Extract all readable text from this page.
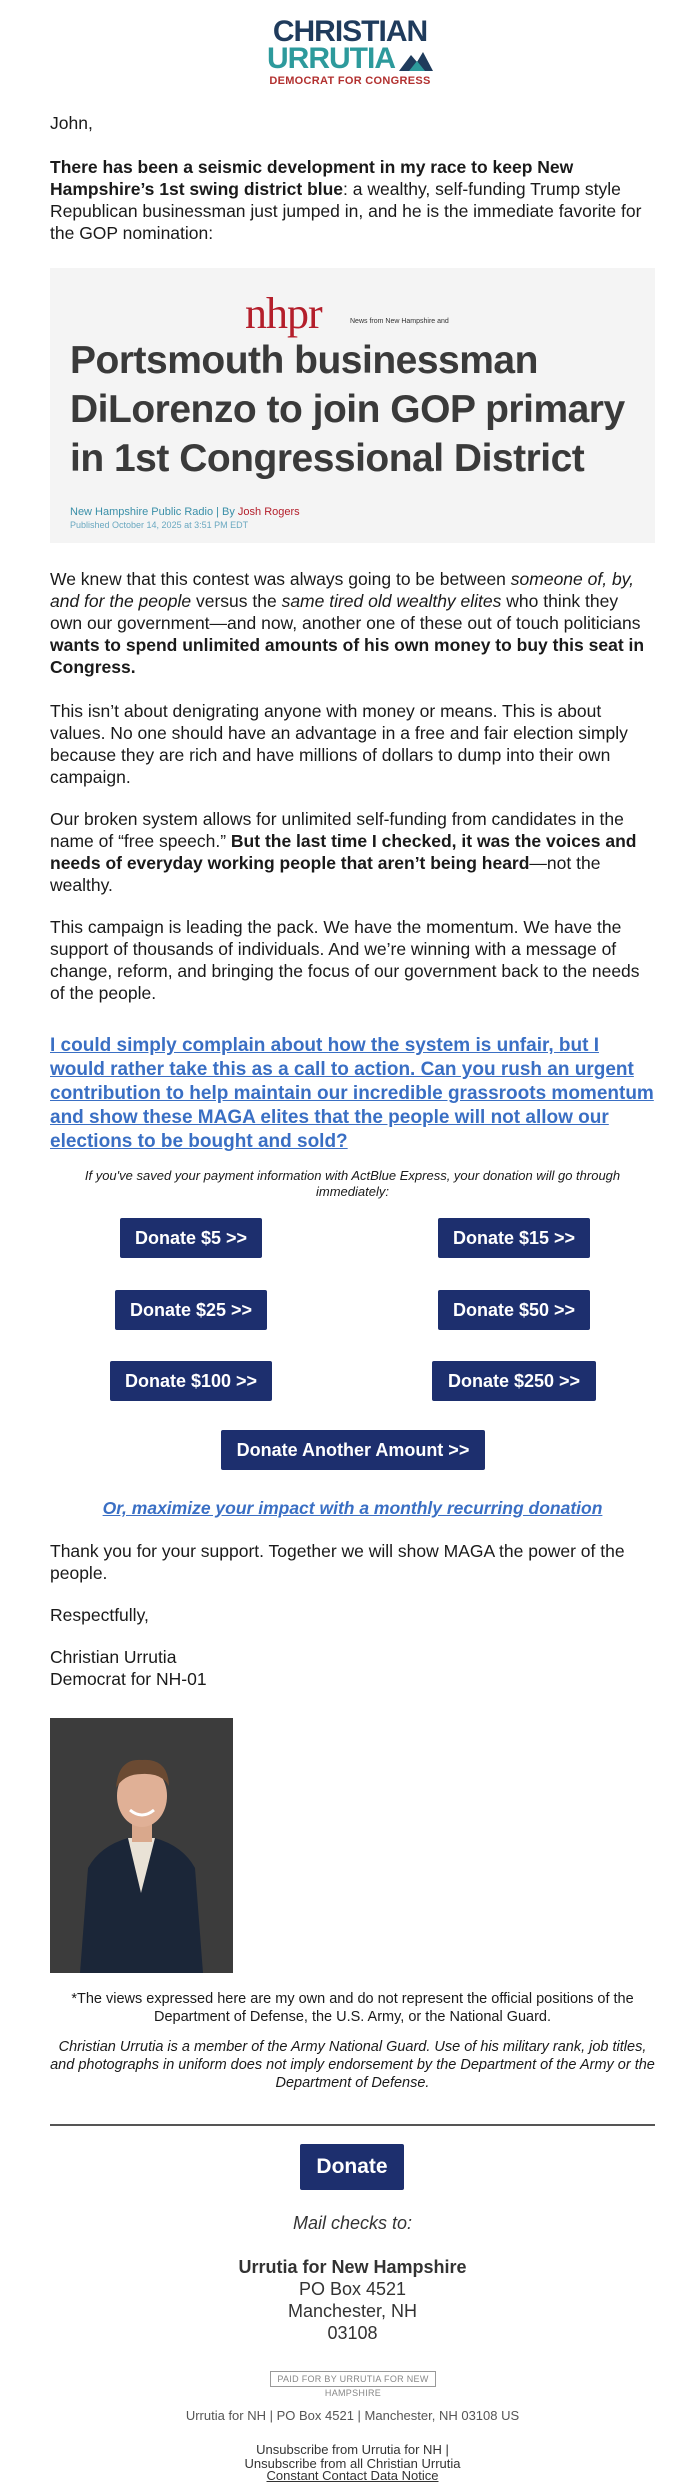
CHRISTIAN
URRUTIA
DEMOCRAT FOR CONGRESS
John,

There has been a seismic development in my race to keep New Hampshire’s 1st swing district blue: a wealthy, self-funding Trump style Republican businessman just jumped in, and he is the immediate favorite for the GOP nomination:

nhpr	News from New Hampshire and
Portsmouth businessman DiLorenzo to join GOP primary in 1st Congressional District
New Hampshire Public Radio | By Josh Rogers
Published October 14, 2025 at 3:51 PM EDT

We knew that this contest was always going to be between someone of, by, and for the people versus the same tired old wealthy elites who think they own our government—and now, another one of these out of touch politicians wants to spend unlimited amounts of his own money to buy this seat in Congress.

This isn’t about denigrating anyone with money or means. This is about values. No one should have an advantage in a free and fair election simply because they are rich and have millions of dollars to dump into their own campaign.

Our broken system allows for unlimited self-funding from candidates in the name of “free speech.” But the last time I checked, it was the voices and needs of everyday working people that aren’t being heard—not the wealthy.

This campaign is leading the pack. We have the momentum. We have the support of thousands of individuals. And we’re winning with a message of change, reform, and bringing the focus of our government back to the needs of the people.
I could simply complain about how the system is unfair, but I would rather take this as a call to action. Can you rush an urgent contribution to help maintain our incredible grassroots momentum and show these MAGA elites that the people will not allow our elections to be bought and sold?
If you've saved your payment information with ActBlue Express, your donation will go through immediately:
Donate $5 >>	Donate $15 >>
Donate $25 >>	Donate $50 >>
Donate $100 >>	Donate $250 >>
Donate Another Amount >>
Or, maximize your impact with a monthly recurring donation
Thank you for your support. Together we will show MAGA the power of the people.
Respectfully,
Christian Urrutia
Democrat for NH-01
*The views expressed here are my own and do not represent the official positions of the Department of Defense, the U.S. Army, or the National Guard.
Christian Urrutia is a member of the Army National Guard. Use of his military rank, job titles, and photographs in uniform does not imply endorsement by the Department of the Army or the Department of Defense.
Donate
Mail checks to:
Urrutia for New Hampshire
PO Box 4521
Manchester, NH
03108
PAID FOR BY URRUTIA FOR NEW HAMPSHIRE
Urrutia for NH | PO Box 4521 | Manchester, NH 03108 US
Unsubscribe from Urrutia for NH |
Unsubscribe from all Christian Urrutia
Constant Contact Data Notice
